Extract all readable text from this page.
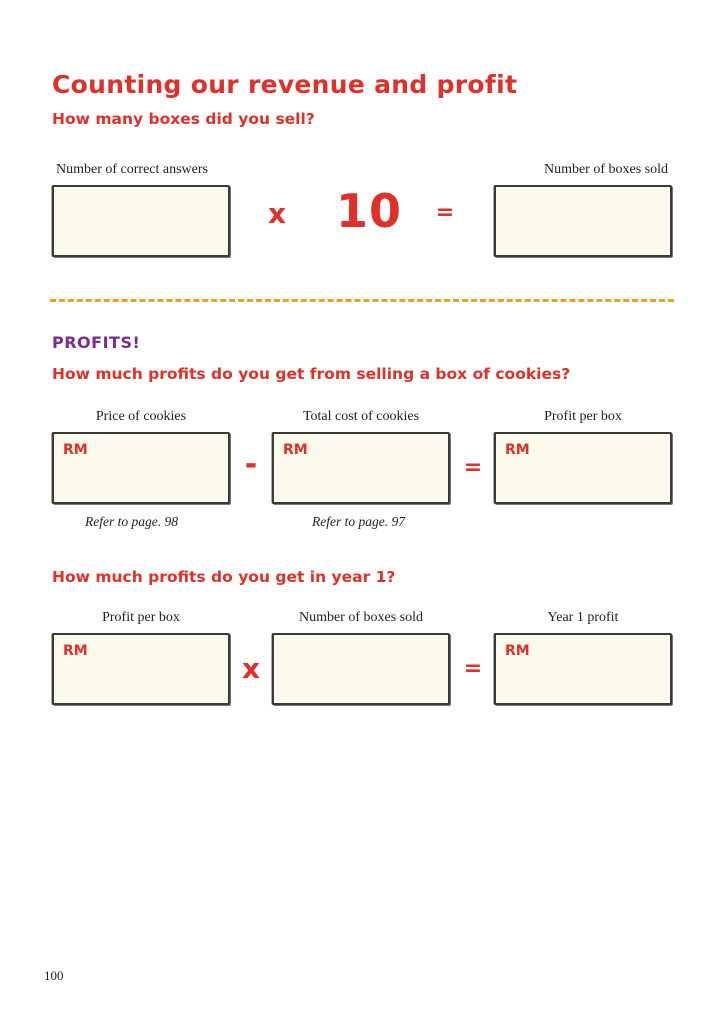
Counting our revenue and profit
How many boxes did you sell?
Number of correct answers
x 10 =
Number of boxes sold
PROFITS!
How much profits do you get from selling a box of cookies?
Price of cookies
RM	-
Total cost of cookies
RM
=
Profit per box
RM
Refer to page. 98	Refer to page. 97
How much profits do you get in year 1?
Profit per box
RM
x
Number of boxes sold
=
Year 1 profit
RM
100
